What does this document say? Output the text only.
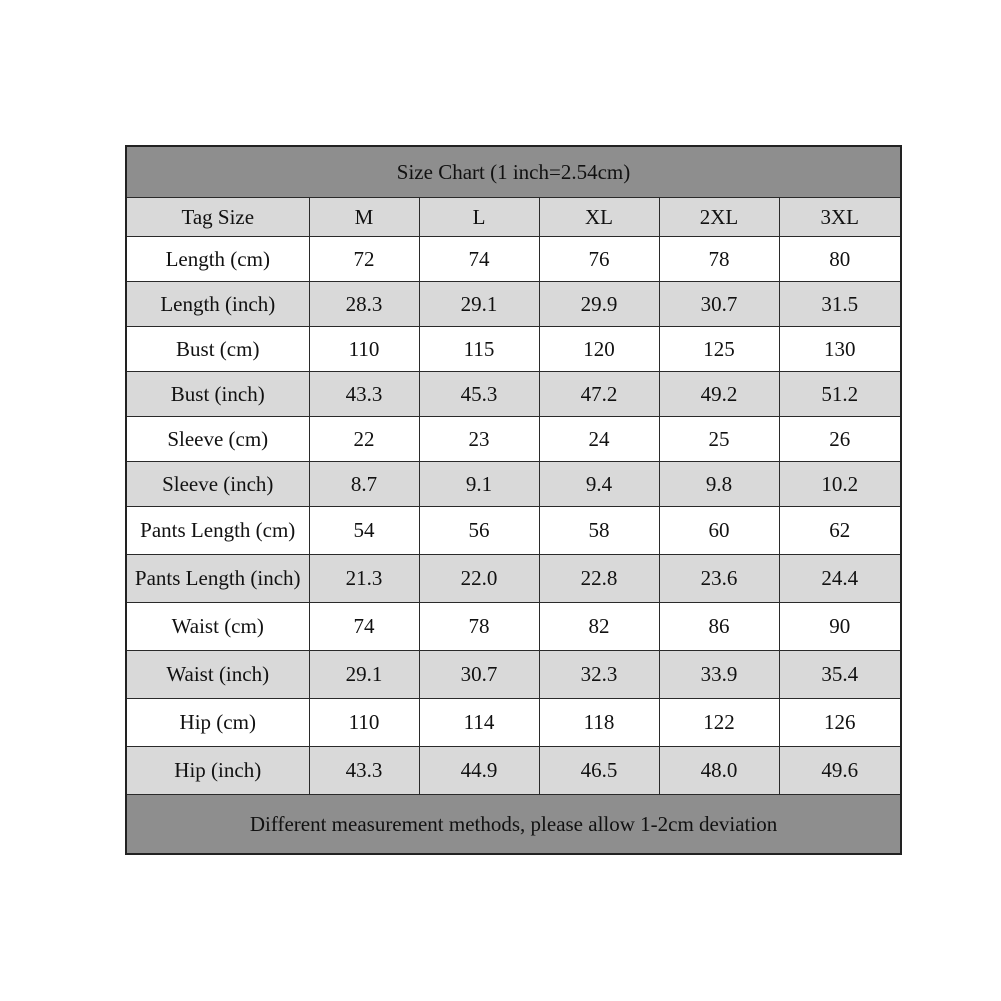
Size Chart (1 inch=2.54cm)					
Tag Size	M	L	XL	2XL	3XL
Length (cm)	72	74	76	78	80
Length (inch)	28.3	29.1	29.9	30.7	31.5
Bust (cm)	110	115	120	125	130
Bust (inch)	43.3	45.3	47.2	49.2	51.2
Sleeve (cm)	22	23	24	25	26
Sleeve (inch)	8.7	9.1	9.4	9.8	10.2
Pants Length (cm)	54	56	58	60	62
Pants Length (inch)	21.3	22.0	22.8	23.6	24.4
Waist (cm)	74	78	82	86	90
Waist (inch)	29.1	30.7	32.3	33.9	35.4
Hip (cm)	110	114	118	122	126
Hip (inch)	43.3	44.9	46.5	48.0	49.6
Different measurement methods, please allow 1-2cm deviation					
